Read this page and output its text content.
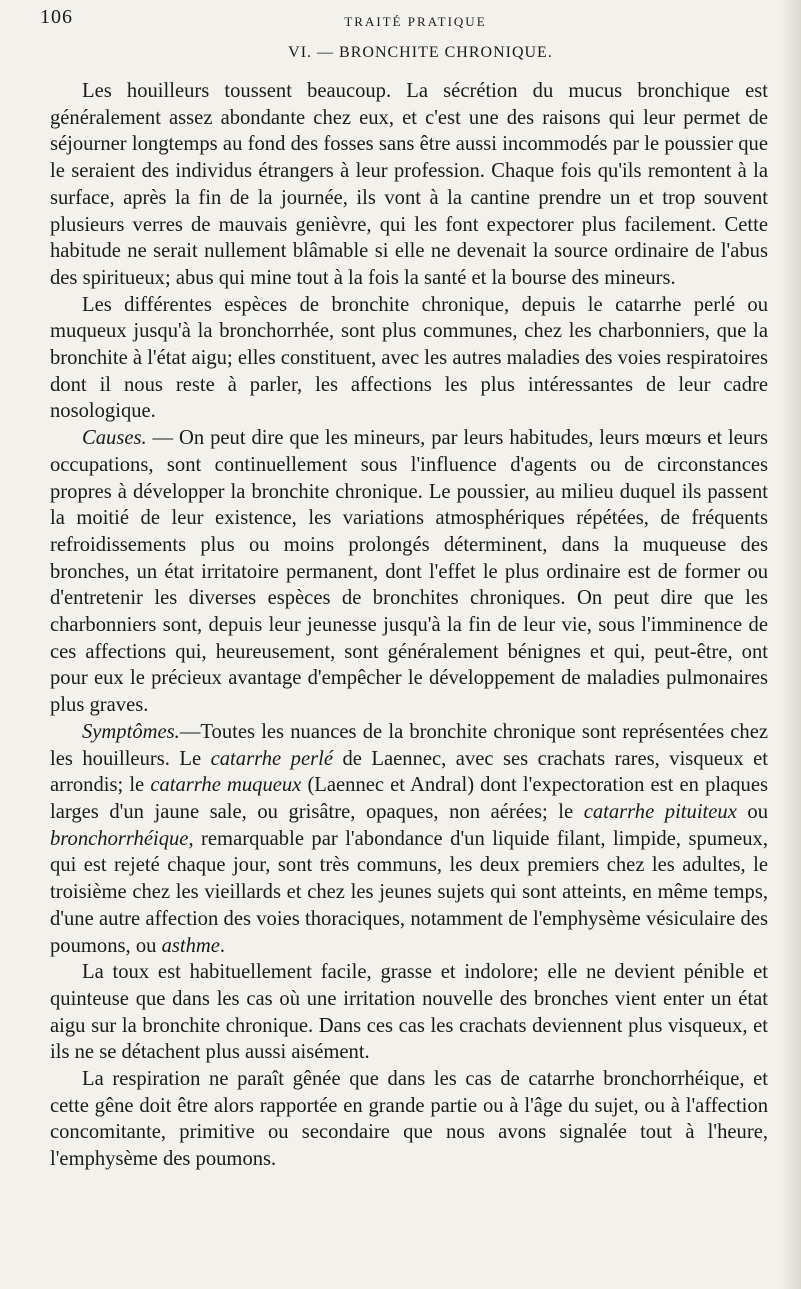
106	TRAITÉ PRATIQUE
VI. — BRONCHITE CHRONIQUE.

Les houilleurs toussent beaucoup. La sécrétion du mucus bronchique est généralement assez abondante chez eux, et c'est une des raisons qui leur permet de séjourner longtemps au fond des fosses sans être aussi incommodés par le poussier que le seraient des individus étrangers à leur profession. Chaque fois qu'ils remontent à la surface, après la fin de la journée, ils vont à la cantine prendre un et trop souvent plusieurs verres de mauvais genièvre, qui les font expectorer plus facilement. Cette habitude ne serait nullement blâmable si elle ne devenait la source ordinaire de l'abus des spiritueux; abus qui mine tout à la fois la santé et la bourse des mineurs.

Les différentes espèces de bronchite chronique, depuis le catarrhe perlé ou muqueux jusqu'à la bronchorrhée, sont plus communes, chez les charbonniers, que la bronchite à l'état aigu; elles constituent, avec les autres maladies des voies respiratoires dont il nous reste à parler, les affections les plus intéressantes de leur cadre nosologique.

Causes. — On peut dire que les mineurs, par leurs habitudes, leurs mœurs et leurs occupations, sont continuellement sous l'influence d'agents ou de circonstances propres à développer la bronchite chronique. Le poussier, au milieu duquel ils passent la moitié de leur existence, les variations atmosphériques répétées, de fréquents refroidissements plus ou moins prolongés déterminent, dans la muqueuse des bronches, un état irritatoire permanent, dont l'effet le plus ordinaire est de former ou d'entretenir les diverses espèces de bronchites chroniques. On peut dire que les charbonniers sont, depuis leur jeunesse jusqu'à la fin de leur vie, sous l'imminence de ces affections qui, heureusement, sont généralement bénignes et qui, peut-être, ont pour eux le précieux avantage d'empêcher le développement de maladies pulmonaires plus graves.

Symptômes.—Toutes les nuances de la bronchite chronique sont représentées chez les houilleurs. Le catarrhe perlé de Laennec, avec ses crachats rares, visqueux et arrondis; le catarrhe muqueux (Laennec et Andral) dont l'expectoration est en plaques larges d'un jaune sale, ou grisâtre, opaques, non aérées; le catarrhe pituiteux ou bronchorrhéique, remarquable par l'abondance d'un liquide filant, limpide, spumeux, qui est rejeté chaque jour, sont très communs, les deux premiers chez les adultes, le troisième chez les vieillards et chez les jeunes sujets qui sont atteints, en même temps, d'une autre affection des voies thoraciques, notamment de l'emphysème vésiculaire des poumons, ou asthme.

La toux est habituellement facile, grasse et indolore; elle ne devient pénible et quinteuse que dans les cas où une irritation nouvelle des bronches vient enter un état aigu sur la bronchite chronique. Dans ces cas les crachats deviennent plus visqueux, et ils ne se détachent plus aussi aisément.

La respiration ne paraît gênée que dans les cas de catarrhe bronchorrhéique, et cette gêne doit être alors rapportée en grande partie ou à l'âge du sujet, ou à l'affection concomitante, primitive ou secondaire que nous avons signalée tout à l'heure, l'emphysème des poumons.
